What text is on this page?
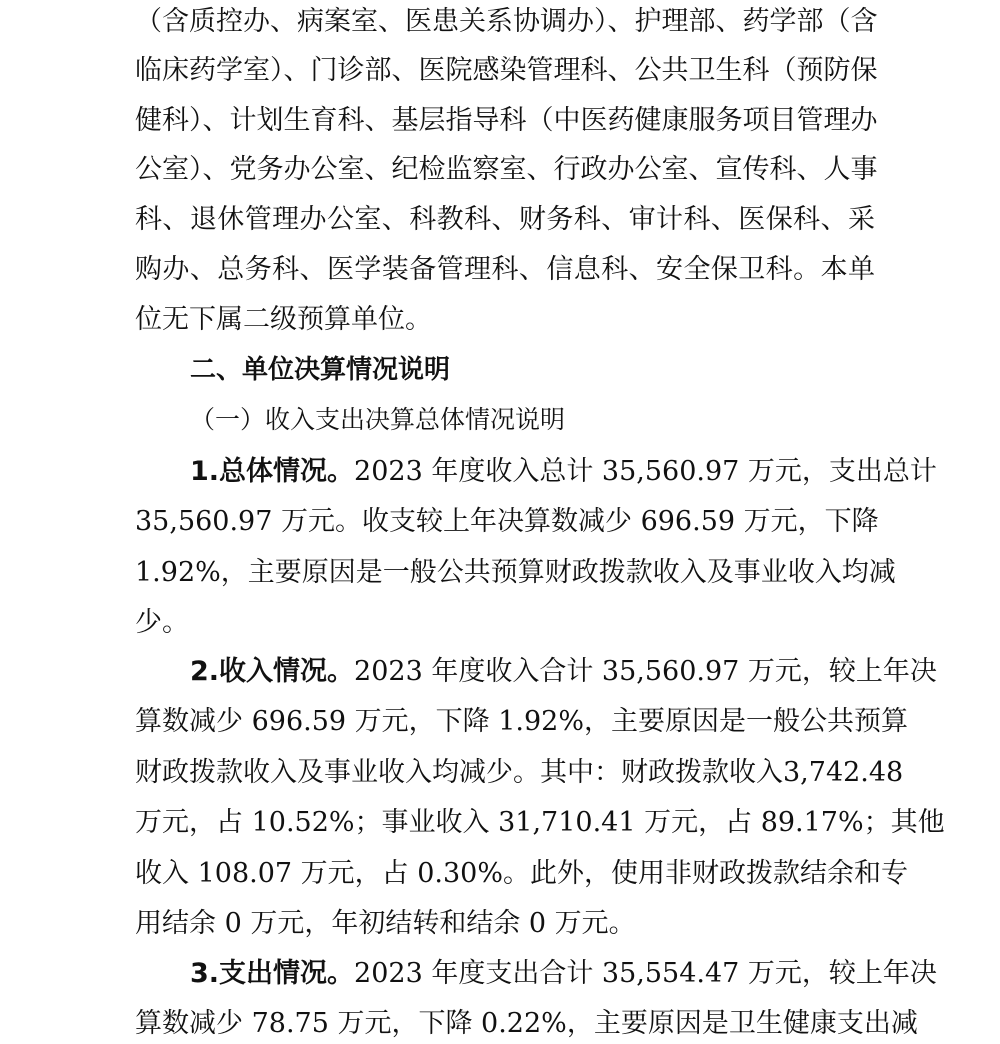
（含质控办、病案室、医患关系协调办）、护理部、药学部（含
临床药学室）、门诊部、医院感染管理科、公共卫生科（预防保
健科）、计划生育科、基层指导科（中医药健康服务项目管理办
公室）、党务办公室、纪检监察室、行政办公室、宣传科、人事
科、退休管理办公室、科教科、财务科、审计科、医保科、采
购办、总务科、医学装备管理科、信息科、安全保卫科。本单
位无下属二级预算单位。
二、单位决算情况说明
（一）收入支出决算总体情况说明
1.总体情况。2023 年度收入总计 35,560.97 万元，支出总计
35,560.97 万元。收支较上年决算数减少 696.59 万元，下降
1.92%，主要原因是一般公共预算财政拨款收入及事业收入均减
少。
2.收入情况。2023 年度收入合计 35,560.97 万元，较上年决
算数减少 696.59 万元，下降 1.92%，主要原因是一般公共预算
财政拨款收入及事业收入均减少。其中：财政拨款收入3,742.48
万元，占 10.52%；事业收入 31,710.41 万元，占 89.17%；其他
收入 108.07 万元，占 0.30%。此外，使用非财政拨款结余和专
用结余 0 万元，年初结转和结余 0 万元。
3.支出情况。2023 年度支出合计 35,554.47 万元，较上年决
算数减少 78.75 万元，下降 0.22%，主要原因是卫生健康支出减
